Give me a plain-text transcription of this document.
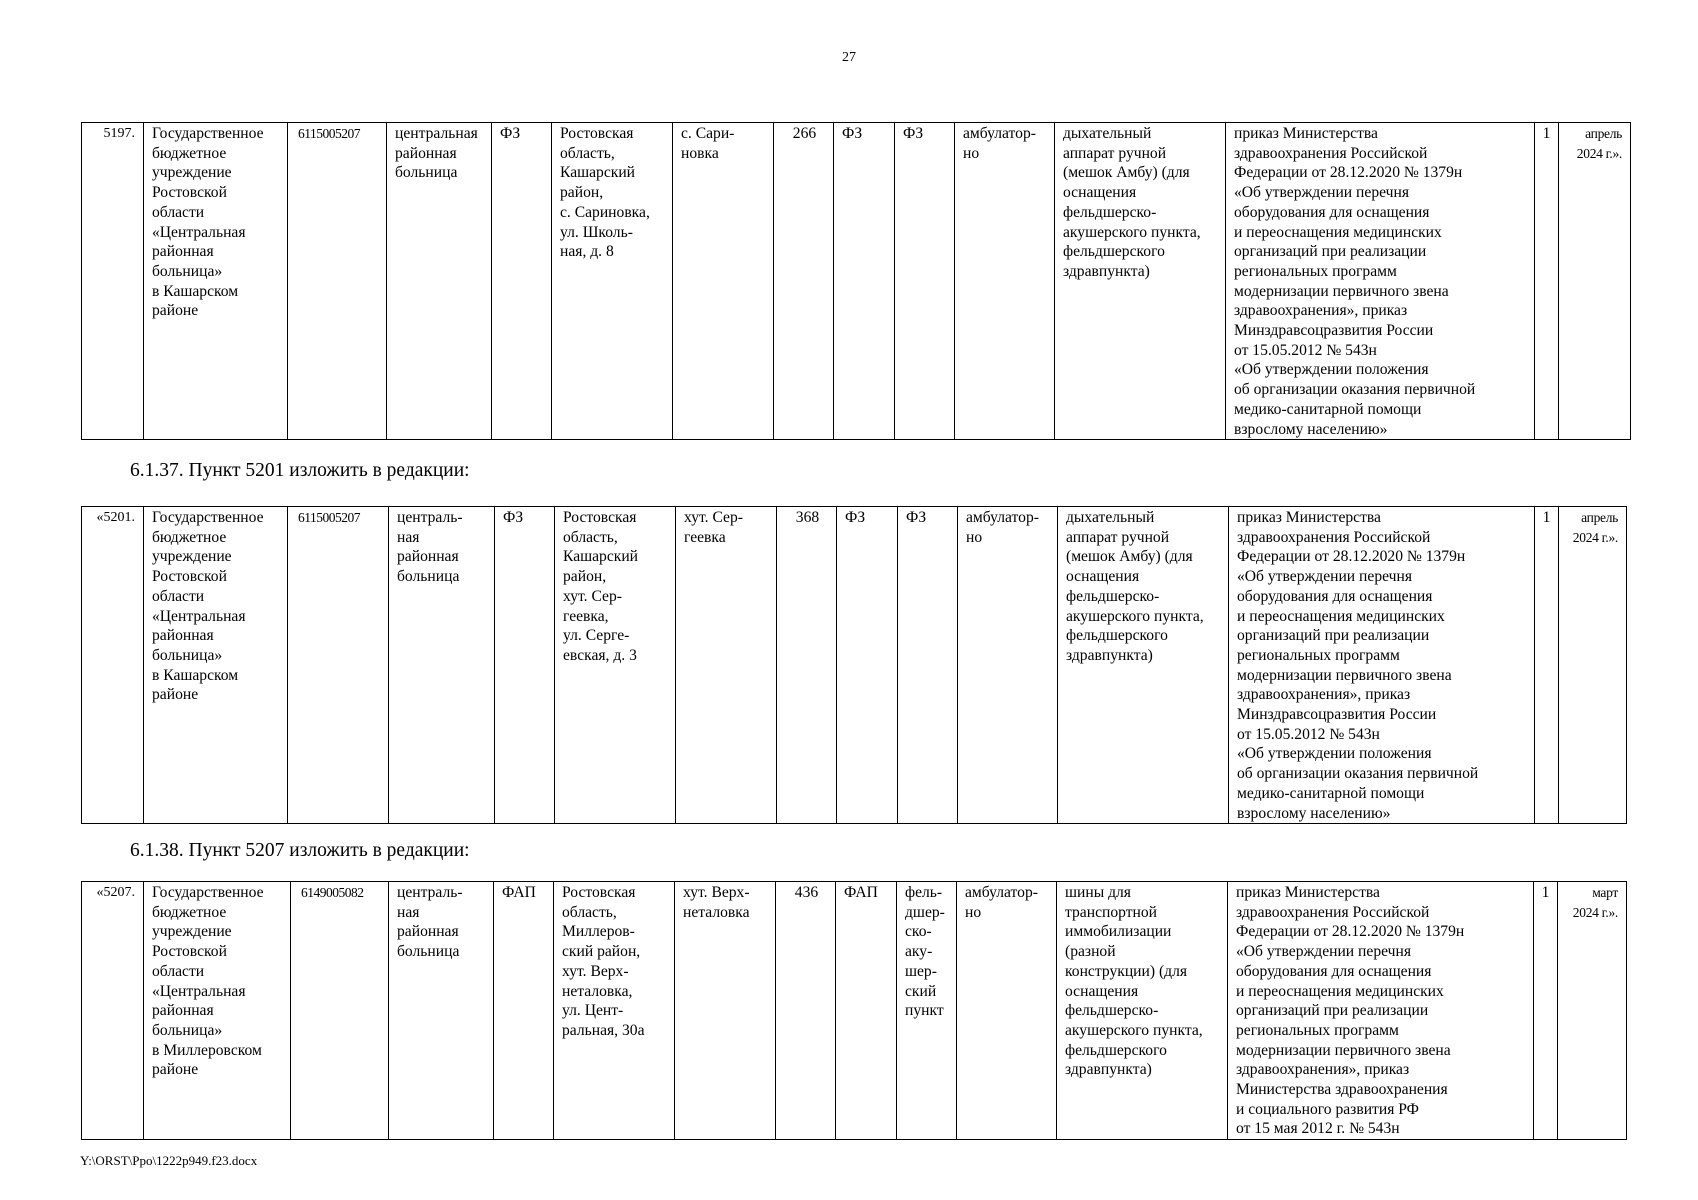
27
5197.	Государственное
бюджетное
учреждение
Ростовской
области
«Центральная
районная
больница»
в Кашарском
районе	6115005207	центральная
районная
больница	ФЗ	Ростовская
область,
Кашарский
район,
с. Сариновка,
ул. Школь-
ная, д. 8	с. Сари-
новка	266	ФЗ	ФЗ	амбулатор-
но	дыхательный
аппарат ручной
(мешок Амбу) (для
оснащения
фельдшерско-
акушерского пункта,
фельдшерского
здравпункта)	приказ Министерства
здравоохранения Российской
Федерации от 28.12.2020 № 1379н
«Об утверждении перечня
оборудования для оснащения
и переоснащения медицинских
организаций при реализации
региональных программ
модернизации первичного звена
здравоохранения», приказ
Минздравсоцразвития России
от 15.05.2012 № 543н
«Об утверждении положения
об организации оказания первичной
медико-санитарной помощи
взрослому населению»	1	апрель
2024 г.».
6.1.37. Пункт 5201 изложить в редакции:
«5201.	Государственное
бюджетное
учреждение
Ростовской
области
«Центральная
районная
больница»
в Кашарском
районе	6115005207	централь-
ная
районная
больница	ФЗ	Ростовская
область,
Кашарский
район,
хут. Сер-
геевка,
ул. Серге-
евская, д. 3	хут. Сер-
геевка	368	ФЗ	ФЗ	амбулатор-
но	дыхательный
аппарат ручной
(мешок Амбу) (для
оснащения
фельдшерско-
акушерского пункта,
фельдшерского
здравпункта)	приказ Министерства
здравоохранения Российской
Федерации от 28.12.2020 № 1379н
«Об утверждении перечня
оборудования для оснащения
и переоснащения медицинских
организаций при реализации
региональных программ
модернизации первичного звена
здравоохранения», приказ
Минздравсоцразвития России
от 15.05.2012 № 543н
«Об утверждении положения
об организации оказания первичной
медико-санитарной помощи
взрослому населению»	1	апрель
2024 г.».
6.1.38. Пункт 5207 изложить в редакции:
«5207.	Государственное
бюджетное
учреждение
Ростовской
области
«Центральная
районная
больница»
в Миллеровском
районе	6149005082	централь-
ная
районная
больница	ФАП	Ростовская
область,
Миллеров-
ский район,
хут. Верх-
неталовка,
ул. Цент-
ральная, 30а	хут. Верх-
неталовка	436	ФАП	фель-
дшер-
ско-
аку-
шер-
ский
пункт	амбулатор-
но	шины для
транспортной
иммобилизации
(разной
конструкции) (для
оснащения
фельдшерско-
акушерского пункта,
фельдшерского
здравпункта)	приказ Министерства
здравоохранения Российской
Федерации от 28.12.2020 № 1379н
«Об утверждении перечня
оборудования для оснащения
и переоснащения медицинских
организаций при реализации
региональных программ
модернизации первичного звена
здравоохранения», приказ
Министерства здравоохранения
и социального развития РФ
от 15 мая 2012 г. № 543н	1	март
2024 г.».
Y:\ORST\Ppo\1222p949.f23.docx
